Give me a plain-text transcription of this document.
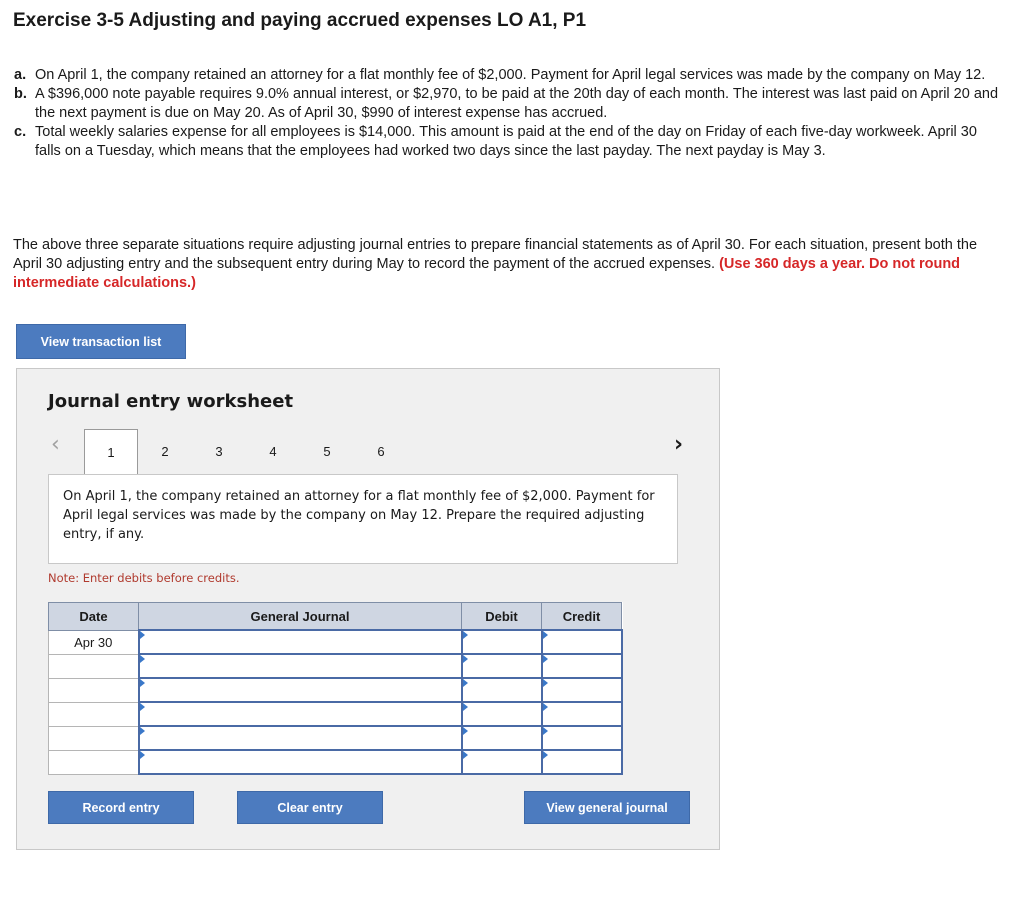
Exercise 3-5 Adjusting and paying accrued expenses LO A1, P1
a. On April 1, the company retained an attorney for a flat monthly fee of $2,000. Payment for April legal services was made by the company on May 12.
b. A $396,000 note payable requires 9.0% annual interest, or $2,970, to be paid at the 20th day of each month. The interest was last paid on April 20 and the next payment is due on May 20. As of April 30, $990 of interest expense has accrued.
c. Total weekly salaries expense for all employees is $14,000. This amount is paid at the end of the day on Friday of each five-day workweek. April 30 falls on a Tuesday, which means that the employees had worked two days since the last payday. The next payday is May 3.

The above three separate situations require adjusting journal entries to prepare financial statements as of April 30. For each situation, present both the April 30 adjusting entry and the subsequent entry during May to record the payment of the accrued expenses. (Use 360 days a year. Do not round intermediate calculations.)

View transaction list
Journal entry worksheet
‹	1	2	3	4	5	6	›
On April 1, the company retained an attorney for a flat monthly fee of $2,000. Payment for April legal services was made by the company on May 12. Prepare the required adjusting entry, if any.

Note: Enter debits before credits.

Date	General Journal	Debit	Credit
Apr 30			

Record entry	Clear entry	View general journal
